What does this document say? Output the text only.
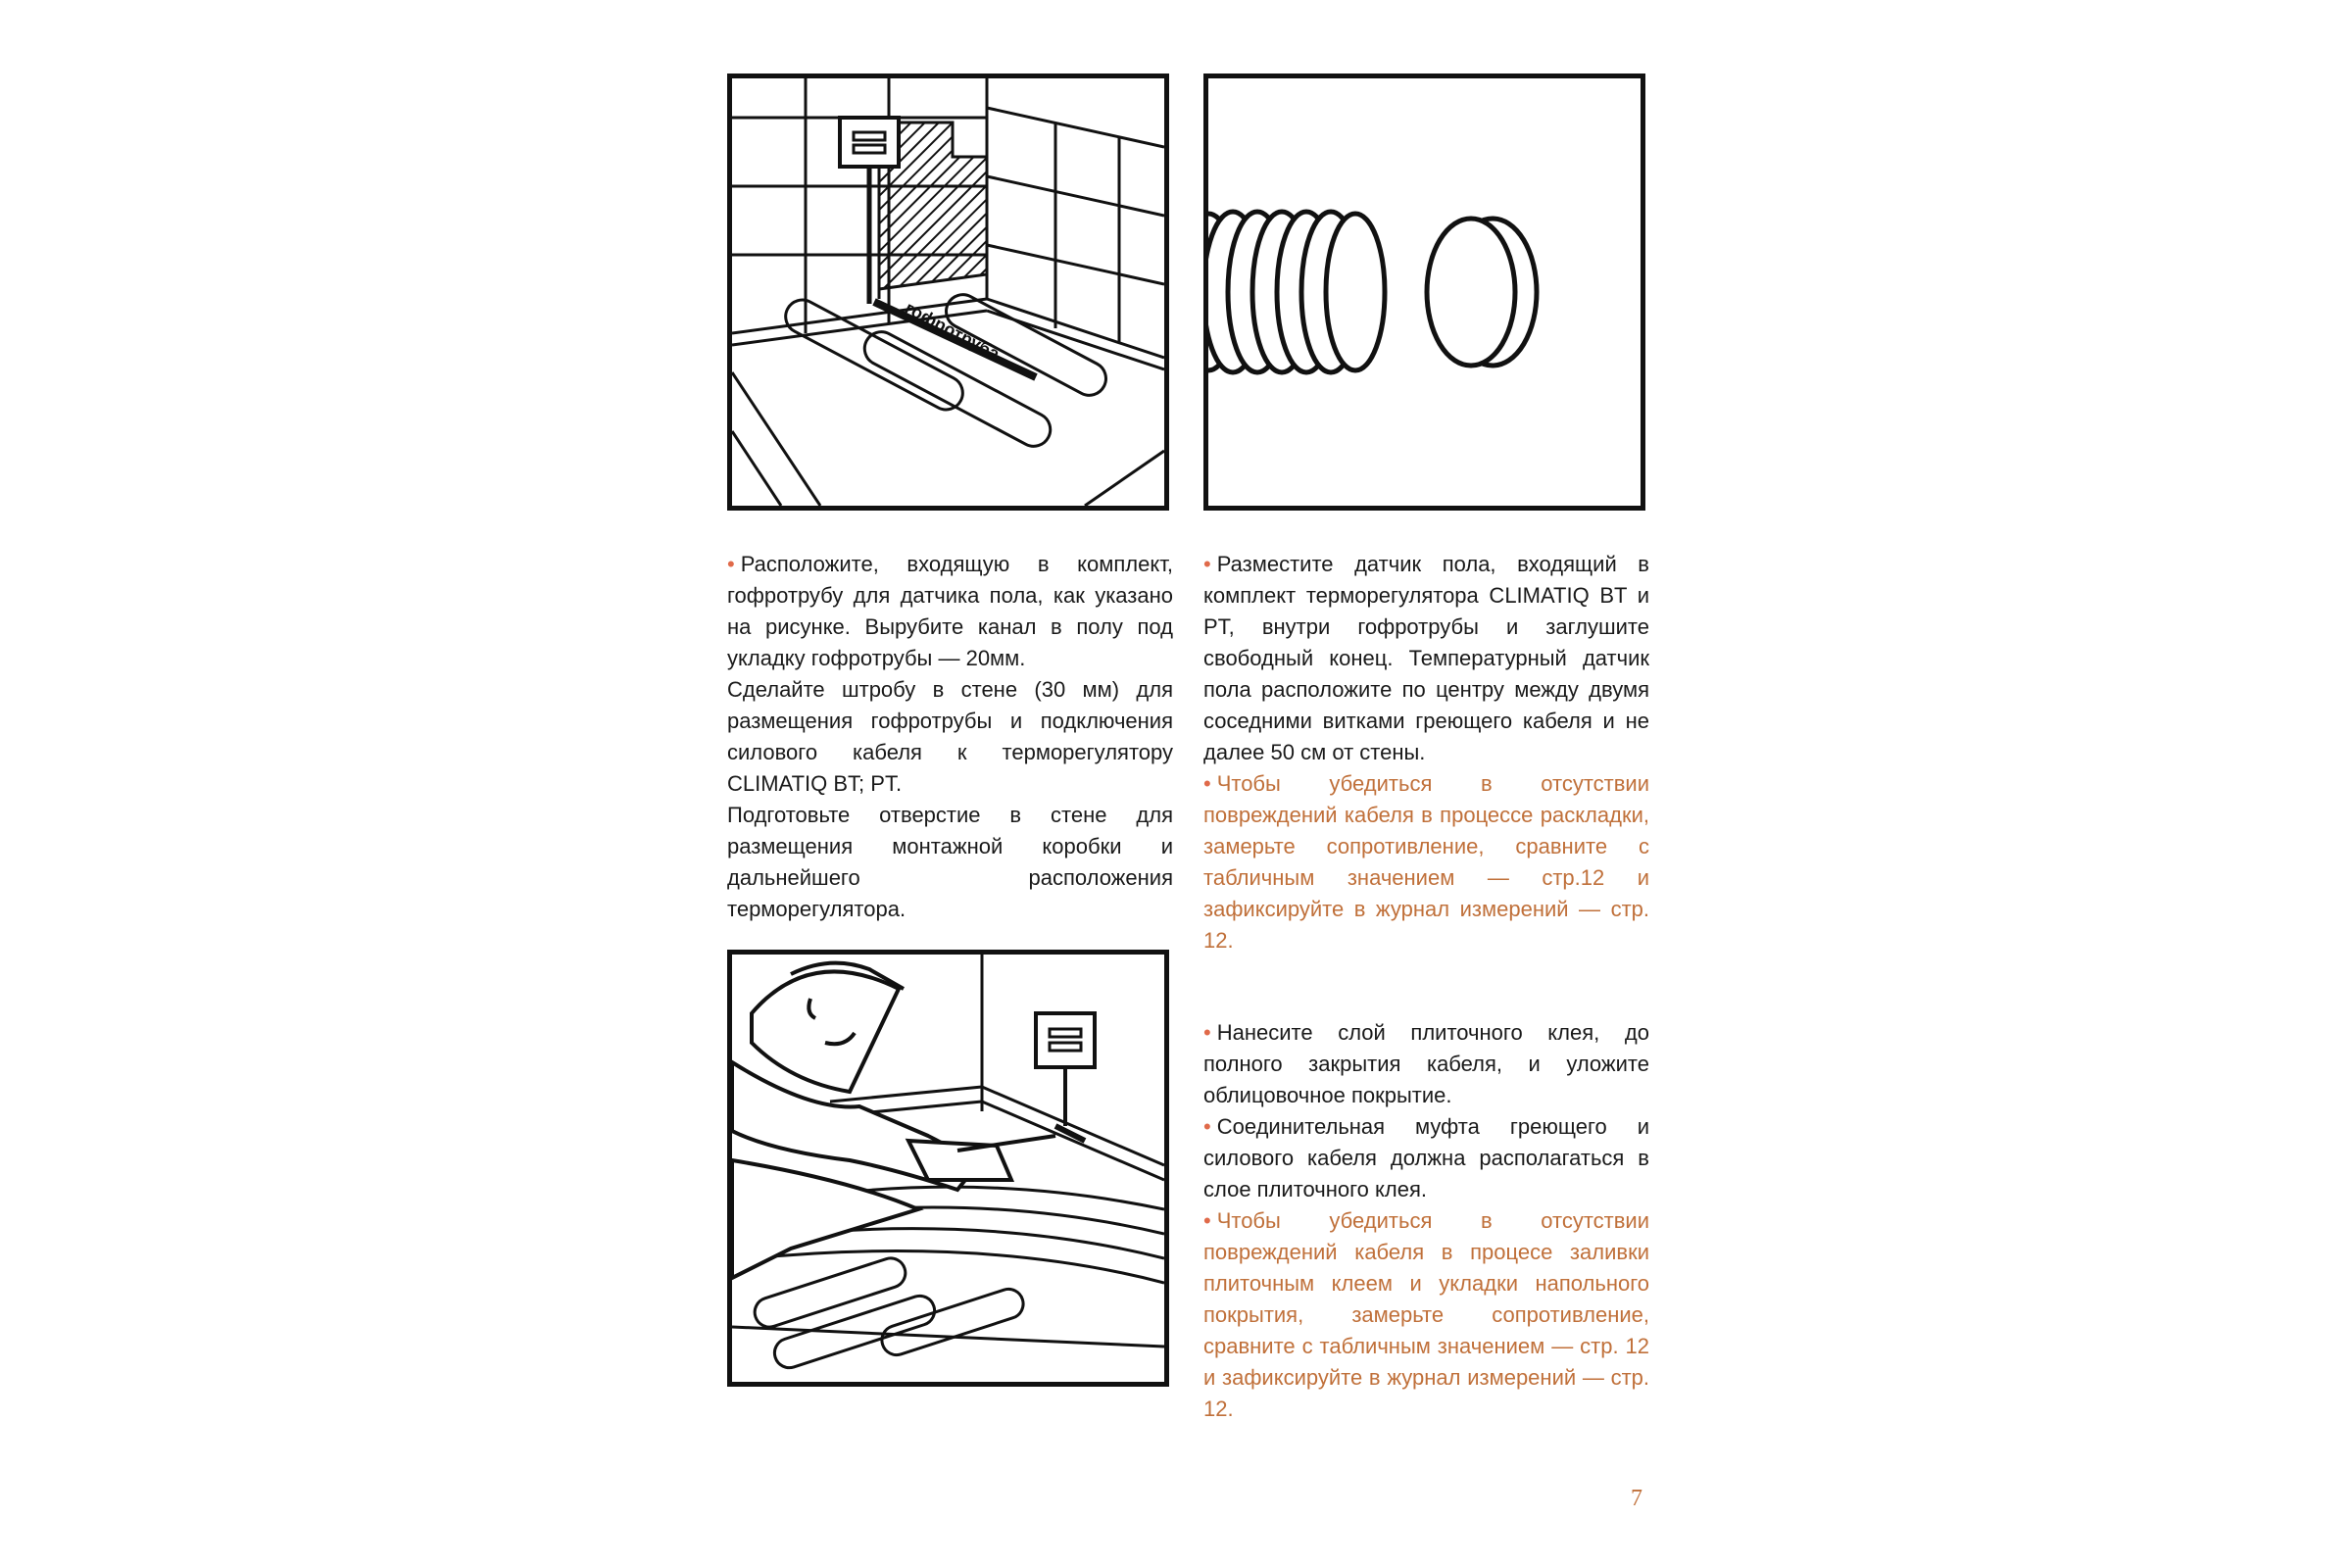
гофротруба

• Расположите, входящую в комплект, гофротрубу для датчика пола, как указано на рисунке. Вырубите канал в полу под укладку гофротрубы — 20мм.

Сделайте штробу в стене (30 мм) для размещения гофротрубы и подключения силового кабеля к терморегулятору CLIMATIQ BT; PT.

Подготовьте отверстие в стене для размещения монтажной коробки и дальнейшего расположения терморегулятора.

• Разместите датчик пола, входящий в комплект терморегулятора CLIMATIQ BT и PT, внутри гофротрубы и заглушите свободный конец. Температурный датчик пола расположите по центру между двумя соседними витками греющего кабеля и не далее 50 см от стены.

• Чтобы убедиться в отсутствии повреждений кабеля в процессе раскладки, замерьте сопротивление, сравните с табличным значением — стр.12 и зафиксируйте в журнал измерений — стр. 12.

• Нанесите слой плиточного клея, до полного закрытия кабеля, и уложите облицовочное покрытие.

• Соединительная муфта греющего и силового кабеля должна располагаться в слое плиточного клея.

• Чтобы убедиться в отсутствии повреждений кабеля в процесе заливки плиточным клеем и укладки напольного покрытия, замерьте сопротивление, сравните с табличным значением — стр. 12 и зафиксируйте в журнал измерений — стр. 12.

7
